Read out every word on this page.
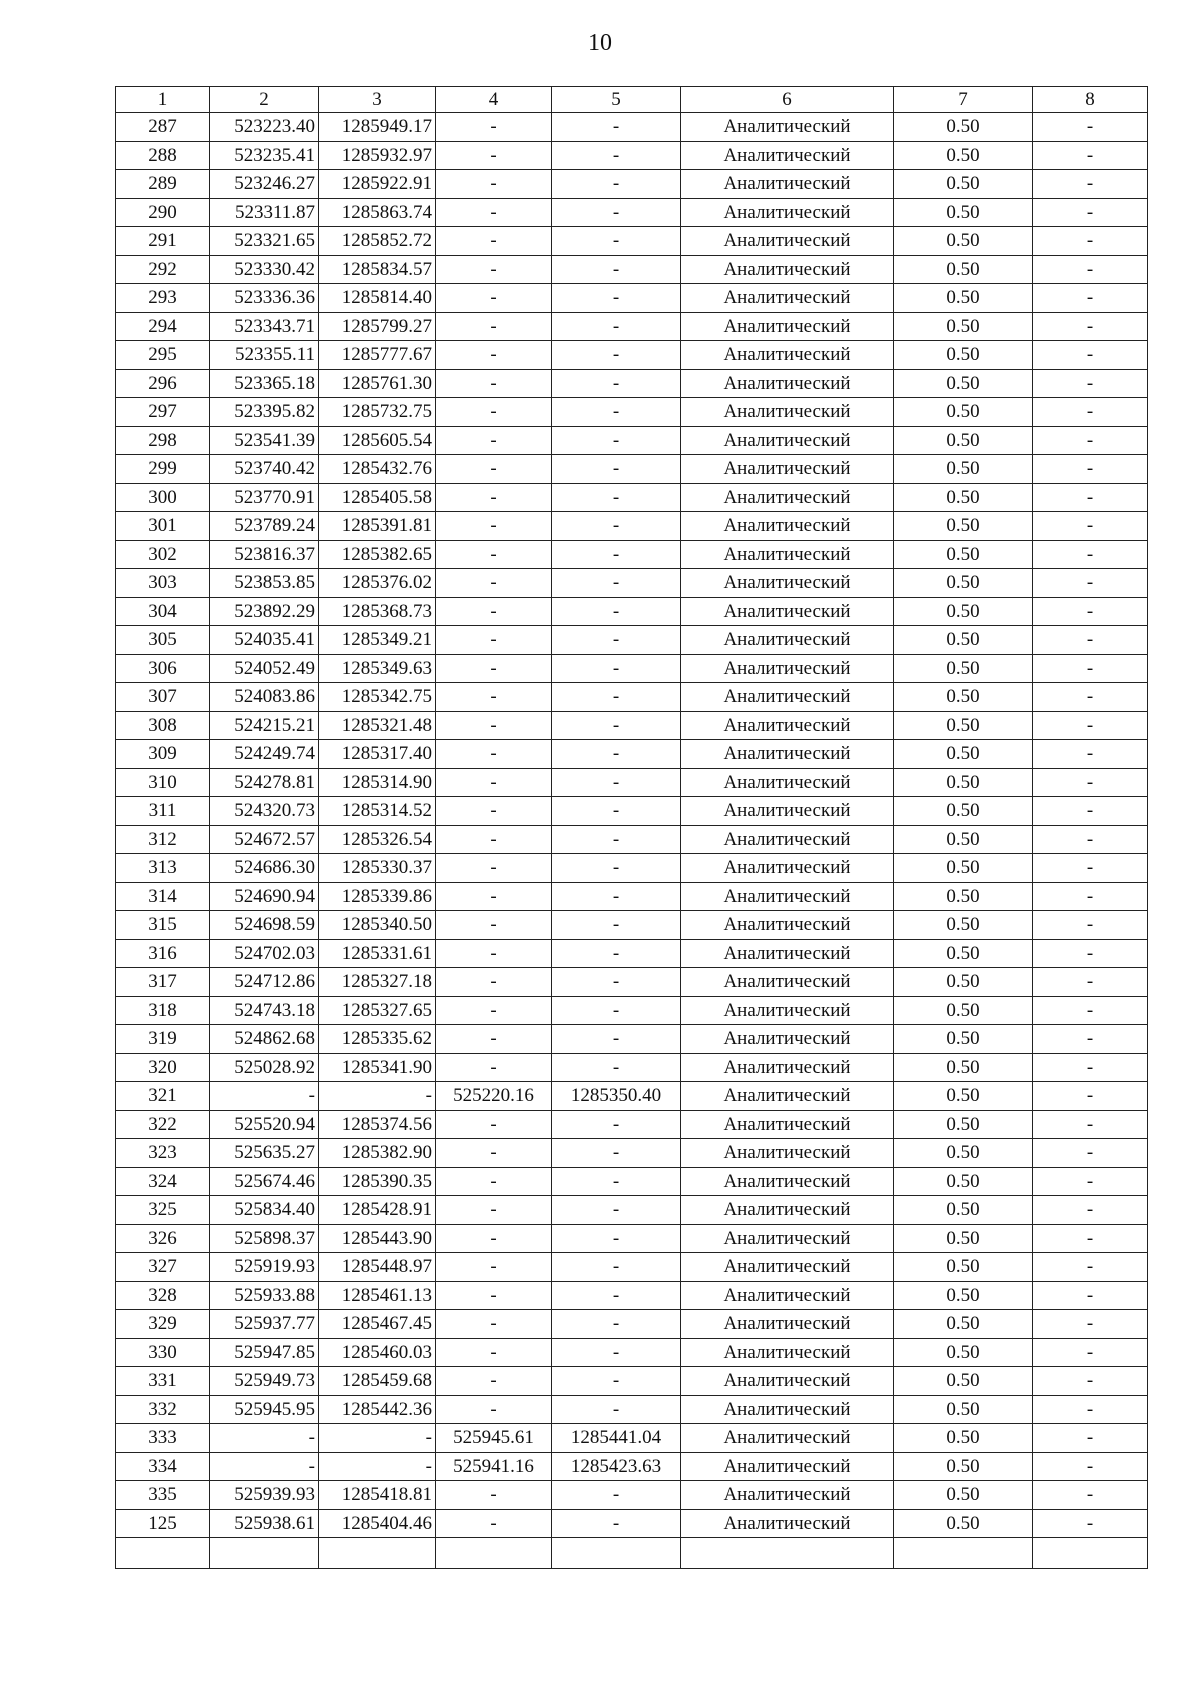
10
1	2	3	4	5	6	7	8
287	523223.40	1285949.17	-	-	Аналитический	0.50	-
288	523235.41	1285932.97	-	-	Аналитический	0.50	-
289	523246.27	1285922.91	-	-	Аналитический	0.50	-
290	523311.87	1285863.74	-	-	Аналитический	0.50	-
291	523321.65	1285852.72	-	-	Аналитический	0.50	-
292	523330.42	1285834.57	-	-	Аналитический	0.50	-
293	523336.36	1285814.40	-	-	Аналитический	0.50	-
294	523343.71	1285799.27	-	-	Аналитический	0.50	-
295	523355.11	1285777.67	-	-	Аналитический	0.50	-
296	523365.18	1285761.30	-	-	Аналитический	0.50	-
297	523395.82	1285732.75	-	-	Аналитический	0.50	-
298	523541.39	1285605.54	-	-	Аналитический	0.50	-
299	523740.42	1285432.76	-	-	Аналитический	0.50	-
300	523770.91	1285405.58	-	-	Аналитический	0.50	-
301	523789.24	1285391.81	-	-	Аналитический	0.50	-
302	523816.37	1285382.65	-	-	Аналитический	0.50	-
303	523853.85	1285376.02	-	-	Аналитический	0.50	-
304	523892.29	1285368.73	-	-	Аналитический	0.50	-
305	524035.41	1285349.21	-	-	Аналитический	0.50	-
306	524052.49	1285349.63	-	-	Аналитический	0.50	-
307	524083.86	1285342.75	-	-	Аналитический	0.50	-
308	524215.21	1285321.48	-	-	Аналитический	0.50	-
309	524249.74	1285317.40	-	-	Аналитический	0.50	-
310	524278.81	1285314.90	-	-	Аналитический	0.50	-
311	524320.73	1285314.52	-	-	Аналитический	0.50	-
312	524672.57	1285326.54	-	-	Аналитический	0.50	-
313	524686.30	1285330.37	-	-	Аналитический	0.50	-
314	524690.94	1285339.86	-	-	Аналитический	0.50	-
315	524698.59	1285340.50	-	-	Аналитический	0.50	-
316	524702.03	1285331.61	-	-	Аналитический	0.50	-
317	524712.86	1285327.18	-	-	Аналитический	0.50	-
318	524743.18	1285327.65	-	-	Аналитический	0.50	-
319	524862.68	1285335.62	-	-	Аналитический	0.50	-
320	525028.92	1285341.90	-	-	Аналитический	0.50	-
321	-	-	525220.16	1285350.40	Аналитический	0.50	-
322	525520.94	1285374.56	-	-	Аналитический	0.50	-
323	525635.27	1285382.90	-	-	Аналитический	0.50	-
324	525674.46	1285390.35	-	-	Аналитический	0.50	-
325	525834.40	1285428.91	-	-	Аналитический	0.50	-
326	525898.37	1285443.90	-	-	Аналитический	0.50	-
327	525919.93	1285448.97	-	-	Аналитический	0.50	-
328	525933.88	1285461.13	-	-	Аналитический	0.50	-
329	525937.77	1285467.45	-	-	Аналитический	0.50	-
330	525947.85	1285460.03	-	-	Аналитический	0.50	-
331	525949.73	1285459.68	-	-	Аналитический	0.50	-
332	525945.95	1285442.36	-	-	Аналитический	0.50	-
333	-	-	525945.61	1285441.04	Аналитический	0.50	-
334	-	-	525941.16	1285423.63	Аналитический	0.50	-
335	525939.93	1285418.81	-	-	Аналитический	0.50	-
125	525938.61	1285404.46	-	-	Аналитический	0.50	-
